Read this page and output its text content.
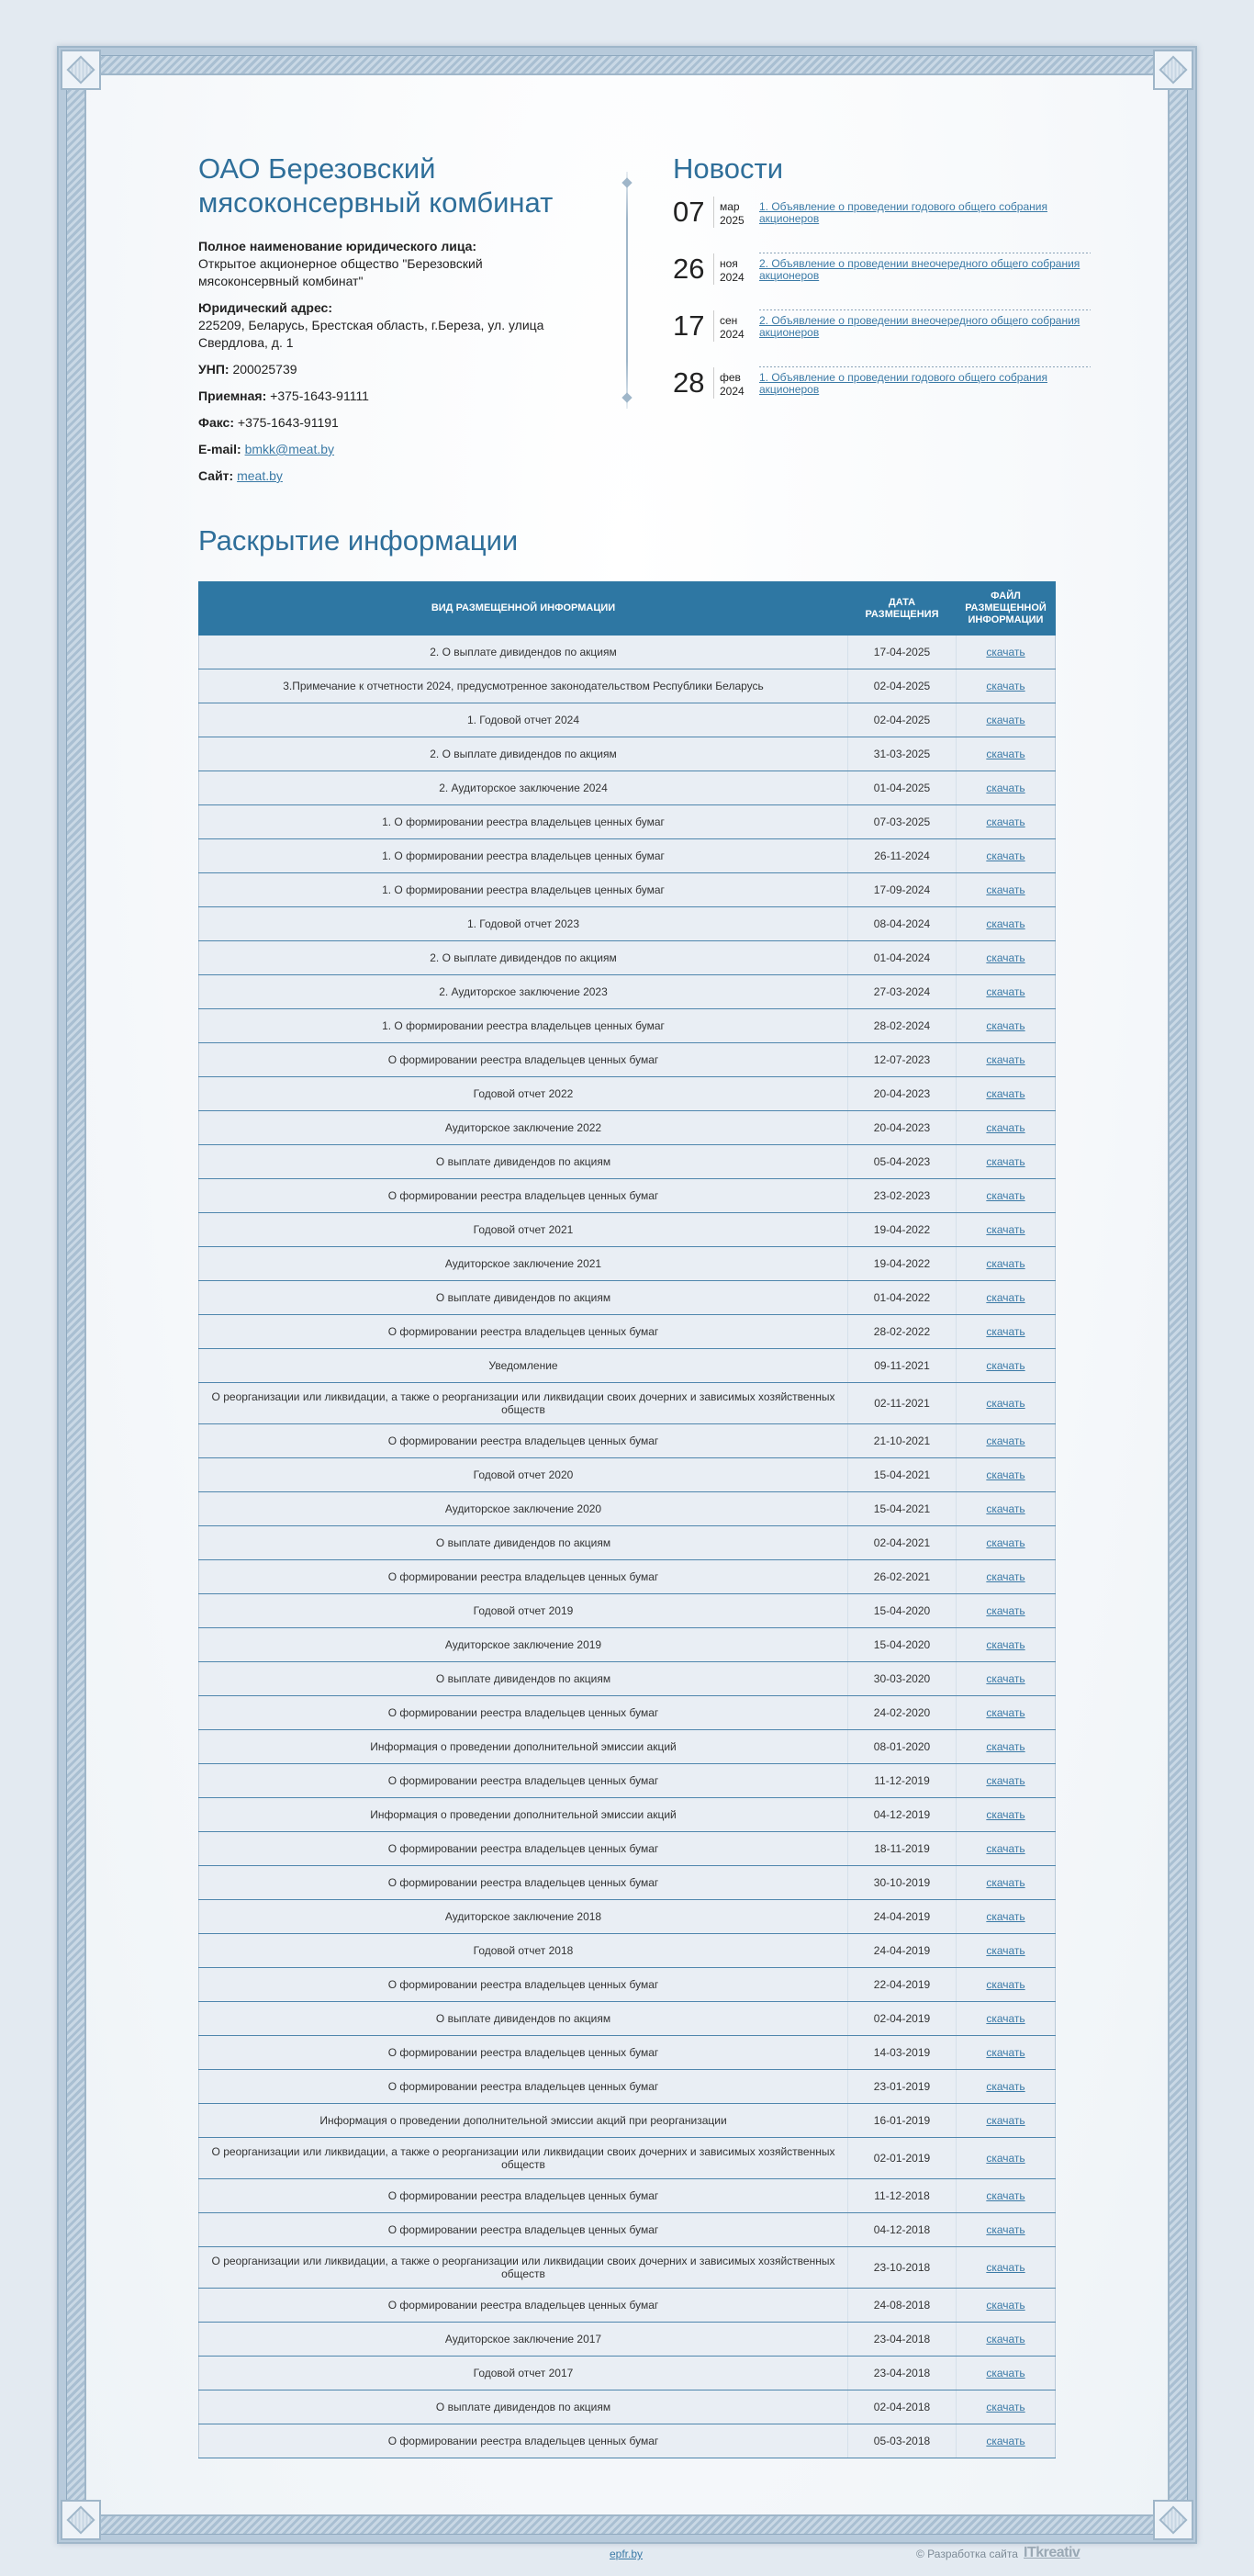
ОАО Березовский мясоконсервный комбинат

Полное наименование юридического лица:
Открытое акционерное общество "Березовский мясоконсервный комбинат"

Юридический адрес:
225209, Беларусь, Брестская область, г.Береза, ул. улица Свердлова, д. 1

УНП: 200025739

Приемная: +375-1643-91111

Факс: +375-1643-91191

E-mail: bmkk@meat.by

Сайт: meat.by

Новости
07	мар
2025
1. Объявление о проведении годового общего собрания акционеров
26	ноя
2024
2. Объявление о проведении внеочередного общего собрания акционеров
17	сен
2024
2. Объявление о проведении внеочередного общего собрания акционеров
28	фев
2024
1. Объявление о проведении годового общего собрания акционеров
Раскрытие информации
ВИД РАЗМЕЩЕННОЙ ИНФОРМАЦИИ	ДАТА РАЗМЕЩЕНИЯ	ФАЙЛ РАЗМЕЩЕННОЙ ИНФОРМАЦИИ
2. О выплате дивидендов по акциям	17-04-2025	скачать
3.Примечание к отчетности 2024, предусмотренное законодательством Республики Беларусь	02-04-2025	скачать
1. Годовой отчет 2024	02-04-2025	скачать
2. О выплате дивидендов по акциям	31-03-2025	скачать
2. Аудиторское заключение 2024	01-04-2025	скачать
1. О формировании реестра владельцев ценных бумаг	07-03-2025	скачать
1. О формировании реестра владельцев ценных бумаг	26-11-2024	скачать
1. О формировании реестра владельцев ценных бумаг	17-09-2024	скачать
1. Годовой отчет 2023	08-04-2024	скачать
2. О выплате дивидендов по акциям	01-04-2024	скачать
2. Аудиторское заключение 2023	27-03-2024	скачать
1. О формировании реестра владельцев ценных бумаг	28-02-2024	скачать
О формировании реестра владельцев ценных бумаг	12-07-2023	скачать
Годовой отчет 2022	20-04-2023	скачать
Аудиторское заключение 2022	20-04-2023	скачать
О выплате дивидендов по акциям	05-04-2023	скачать
О формировании реестра владельцев ценных бумаг	23-02-2023	скачать
Годовой отчет 2021	19-04-2022	скачать
Аудиторское заключение 2021	19-04-2022	скачать
О выплате дивидендов по акциям	01-04-2022	скачать
О формировании реестра владельцев ценных бумаг	28-02-2022	скачать
Уведомление	09-11-2021	скачать
О реорганизации или ликвидации, а также о реорганизации или ликвидации своих дочерних и зависимых хозяйственных обществ	02-11-2021	скачать
О формировании реестра владельцев ценных бумаг	21-10-2021	скачать
Годовой отчет 2020	15-04-2021	скачать
Аудиторское заключение 2020	15-04-2021	скачать
О выплате дивидендов по акциям	02-04-2021	скачать
О формировании реестра владельцев ценных бумаг	26-02-2021	скачать
Годовой отчет 2019	15-04-2020	скачать
Аудиторское заключение 2019	15-04-2020	скачать
О выплате дивидендов по акциям	30-03-2020	скачать
О формировании реестра владельцев ценных бумаг	24-02-2020	скачать
Информация о проведении дополнительной эмиссии акций	08-01-2020	скачать
О формировании реестра владельцев ценных бумаг	11-12-2019	скачать
Информация о проведении дополнительной эмиссии акций	04-12-2019	скачать
О формировании реестра владельцев ценных бумаг	18-11-2019	скачать
О формировании реестра владельцев ценных бумаг	30-10-2019	скачать
Аудиторское заключение 2018	24-04-2019	скачать
Годовой отчет 2018	24-04-2019	скачать
О формировании реестра владельцев ценных бумаг	22-04-2019	скачать
О выплате дивидендов по акциям	02-04-2019	скачать
О формировании реестра владельцев ценных бумаг	14-03-2019	скачать
О формировании реестра владельцев ценных бумаг	23-01-2019	скачать
Информация о проведении дополнительной эмиссии акций при реорганизации	16-01-2019	скачать
О реорганизации или ликвидации, а также о реорганизации или ликвидации своих дочерних и зависимых хозяйственных обществ	02-01-2019	скачать
О формировании реестра владельцев ценных бумаг	11-12-2018	скачать
О формировании реестра владельцев ценных бумаг	04-12-2018	скачать
О реорганизации или ликвидации, а также о реорганизации или ликвидации своих дочерних и зависимых хозяйственных обществ	23-10-2018	скачать
О формировании реестра владельцев ценных бумаг	24-08-2018	скачать
Аудиторское заключение 2017	23-04-2018	скачать
Годовой отчет 2017	23-04-2018	скачать
О выплате дивидендов по акциям	02-04-2018	скачать
О формировании реестра владельцев ценных бумаг	05-03-2018	скачать
epfr.by	© Разработка сайта ITkreativ
